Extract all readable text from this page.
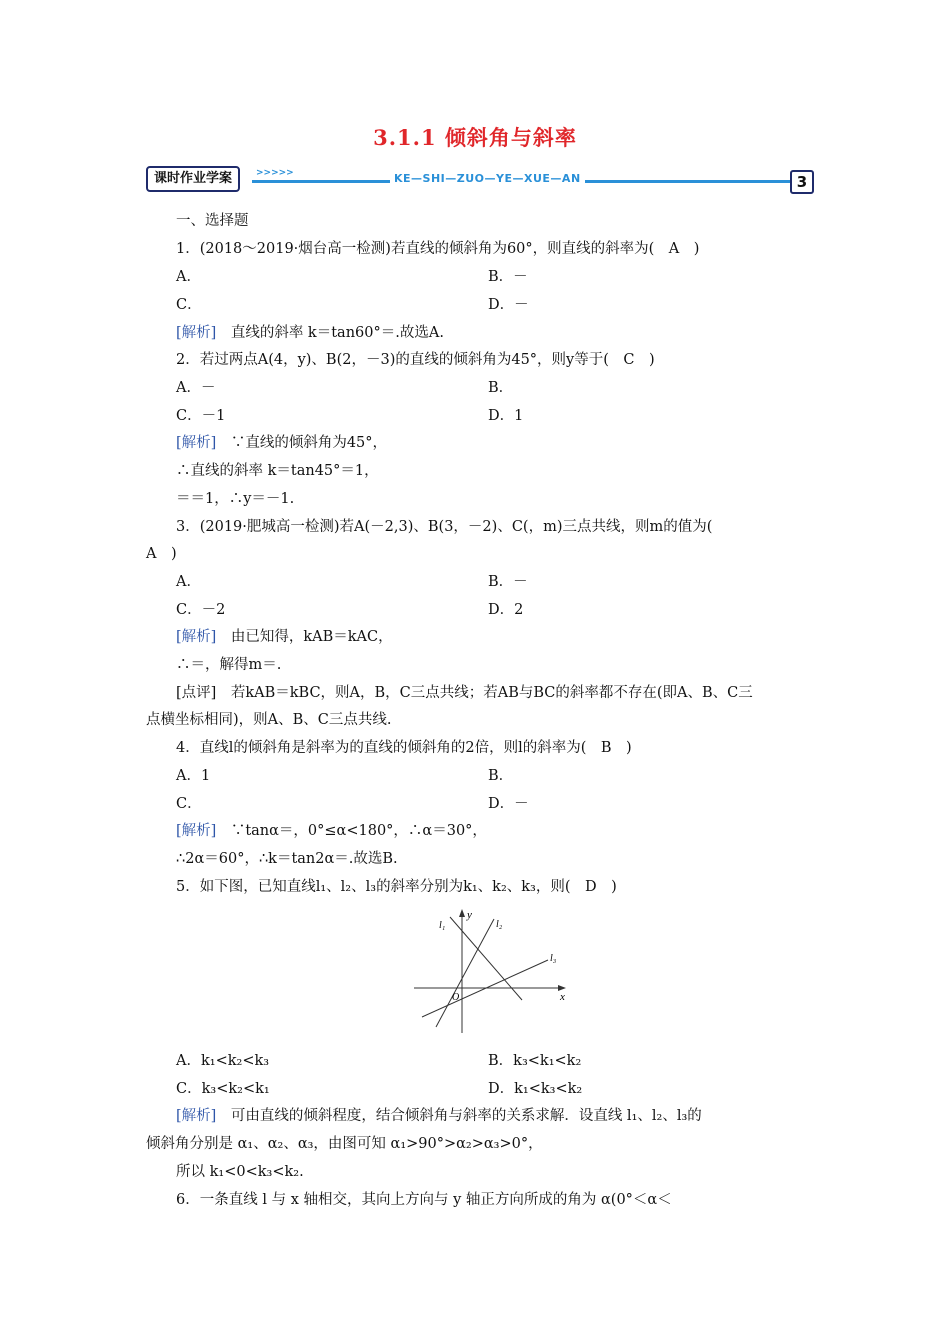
3.1.1 倾斜角与斜率
课时作业学案	>>>>>	KE—SHI—ZUO—YE—XUE—AN	3
一、选择题
1．(2018～2019·烟台高一检测)若直线的倾斜角为60°，则直线的斜率为(　A　)
A．	B．－
C．	D．－
[解析]　直线的斜率 k＝tan60°＝.故选A.
2．若过两点A(4，y)、B(2，－3)的直线的倾斜角为45°，则y等于(　C　)
A．－	B．
C．－1	D．1
[解析]　∵直线的倾斜角为45°，
∴直线的斜率 k＝tan45°＝1，
＝＝1，∴y＝－1.
3．(2019·肥城高一检测)若A(－2,3)、B(3，－2)、C(，m)三点共线，则m的值为(
A　)
A．	B．－
C．－2	D．2
[解析]　由已知得，kAB＝kAC，
∴＝，解得m＝.
[点评]　若kAB＝kBC，则A，B，C三点共线；若AB与BC的斜率都不存在(即A、B、C三
点横坐标相同)，则A、B、C三点共线.
4．直线l的倾斜角是斜率为的直线的倾斜角的2倍，则l的斜率为(　B　)
A．1	B．
C．	D．－
[解析]　∵tanα＝，0°≤α<180°，∴α＝30°，
∴2α＝60°，∴k＝tan2α＝.故选B.
5．如下图，已知直线l₁、l₂、l₃的斜率分别为k₁、k₂、k₃，则(　D　)
y
l₁	l₂
l₃
O	x
A．k₁<k₂<k₃	B．k₃<k₁<k₂
C．k₃<k₂<k₁	D．k₁<k₃<k₂
[解析]　可由直线的倾斜程度，结合倾斜角与斜率的关系求解．设直线 l₁、l₂、l₃的
倾斜角分别是 α₁、α₂、α₃，由图可知 α₁>90°>α₂>α₃>0°，
所以 k₁<0<k₃<k₂.
6．一条直线 l 与 x 轴相交，其向上方向与 y 轴正方向所成的角为 α(0°＜α＜
